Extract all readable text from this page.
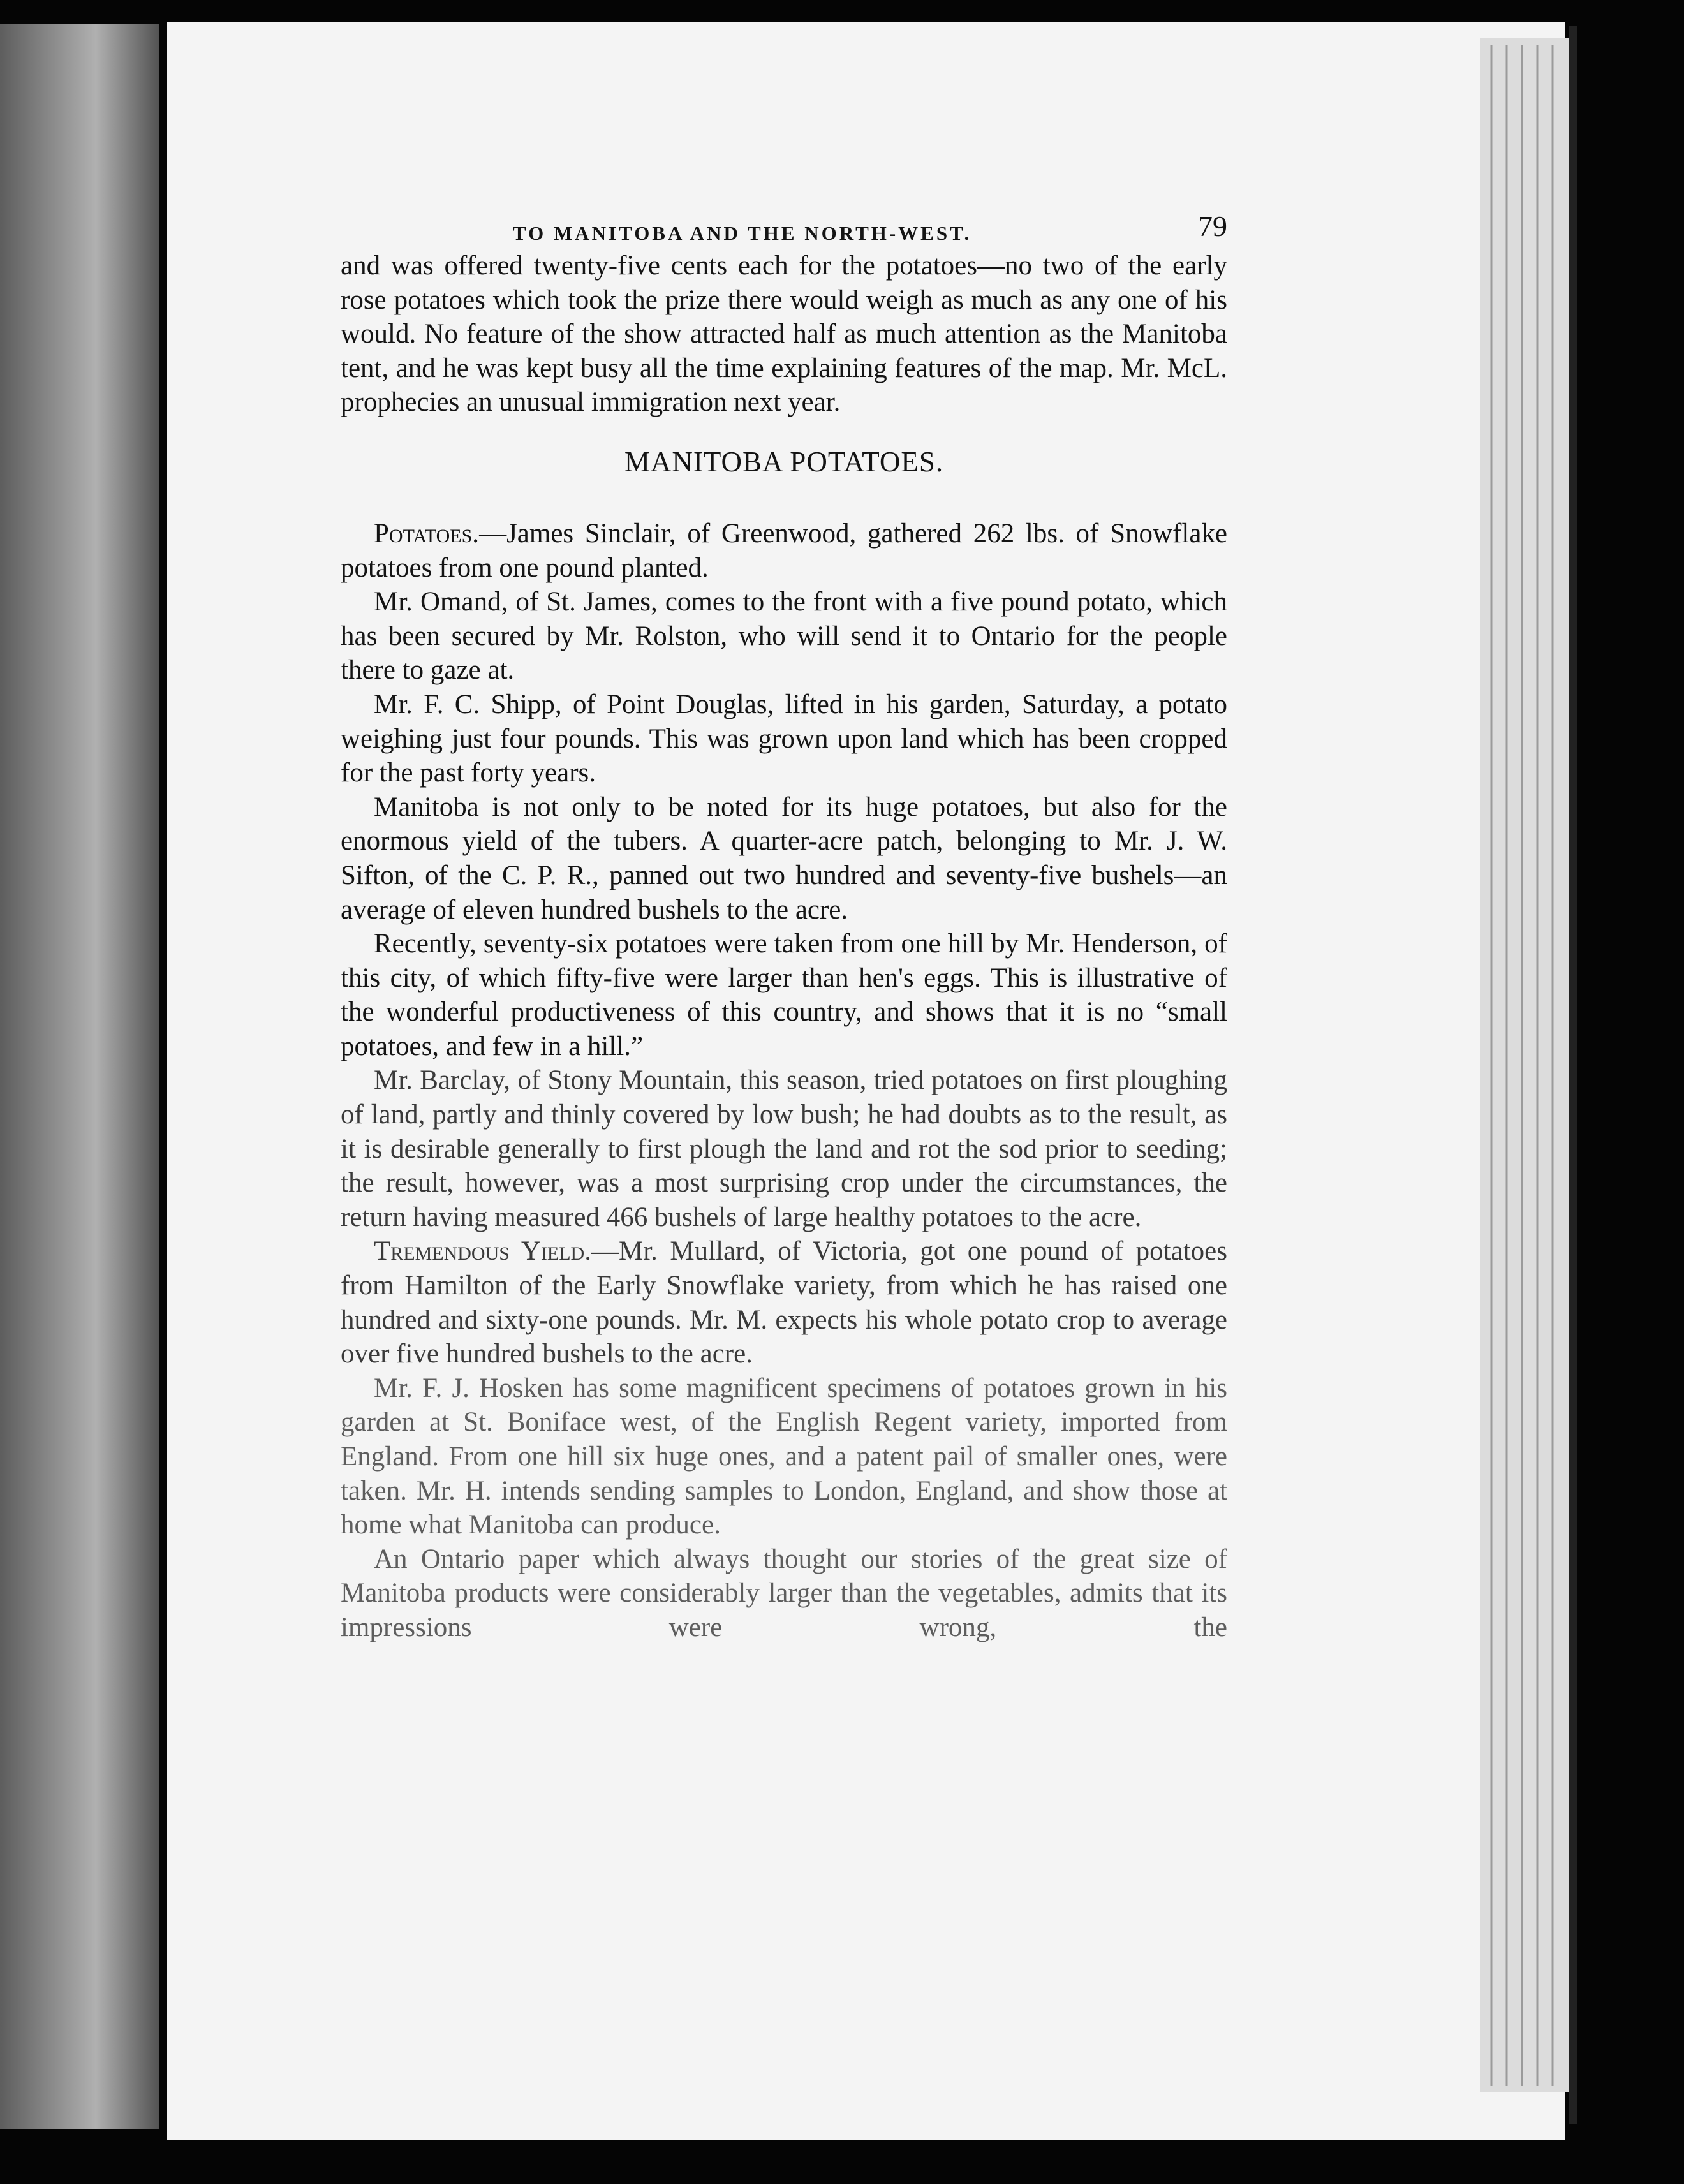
TO MANITOBA AND THE NORTH-WEST.	79

and was offered twenty-five cents each for the potatoes—no two of the early rose potatoes which took the prize there would weigh as much as any one of his would. No feature of the show attracted half as much attention as the Manitoba tent, and he was kept busy all the time explaining features of the map. Mr. McL. prophecies an unusual immigration next year.

MANITOBA POTATOES.

Potatoes.—James Sinclair, of Greenwood, gathered 262 lbs. of Snowflake potatoes from one pound planted.

Mr. Omand, of St. James, comes to the front with a five pound potato, which has been secured by Mr. Rolston, who will send it to Ontario for the people there to gaze at.

Mr. F. C. Shipp, of Point Douglas, lifted in his garden, Saturday, a potato weighing just four pounds. This was grown upon land which has been cropped for the past forty years.

Manitoba is not only to be noted for its huge potatoes, but also for the enormous yield of the tubers. A quarter-acre patch, belonging to Mr. J. W. Sifton, of the C. P. R., panned out two hundred and seventy-five bushels—an average of eleven hundred bushels to the acre.

Recently, seventy-six potatoes were taken from one hill by Mr. Henderson, of this city, of which fifty-five were larger than hen's eggs. This is illustrative of the wonderful productiveness of this country, and shows that it is no “small potatoes, and few in a hill.”

Mr. Barclay, of Stony Mountain, this season, tried potatoes on first ploughing of land, partly and thinly covered by low bush; he had doubts as to the result, as it is desirable generally to first plough the land and rot the sod prior to seeding; the result, however, was a most surprising crop under the circumstances, the return having measured 466 bushels of large healthy potatoes to the acre.

Tremendous Yield.—Mr. Mullard, of Victoria, got one pound of potatoes from Hamilton of the Early Snowflake variety, from which he has raised one hundred and sixty-one pounds. Mr. M. expects his whole potato crop to average over five hundred bushels to the acre.

Mr. F. J. Hosken has some magnificent specimens of potatoes grown in his garden at St. Boniface west, of the English Regent variety, imported from England. From one hill six huge ones, and a patent pail of smaller ones, were taken. Mr. H. intends sending samples to London, England, and show those at home what Manitoba can produce.

An Ontario paper which always thought our stories of the great size of Manitoba products were considerably larger than the vegetables, admits that its impressions were wrong, the
